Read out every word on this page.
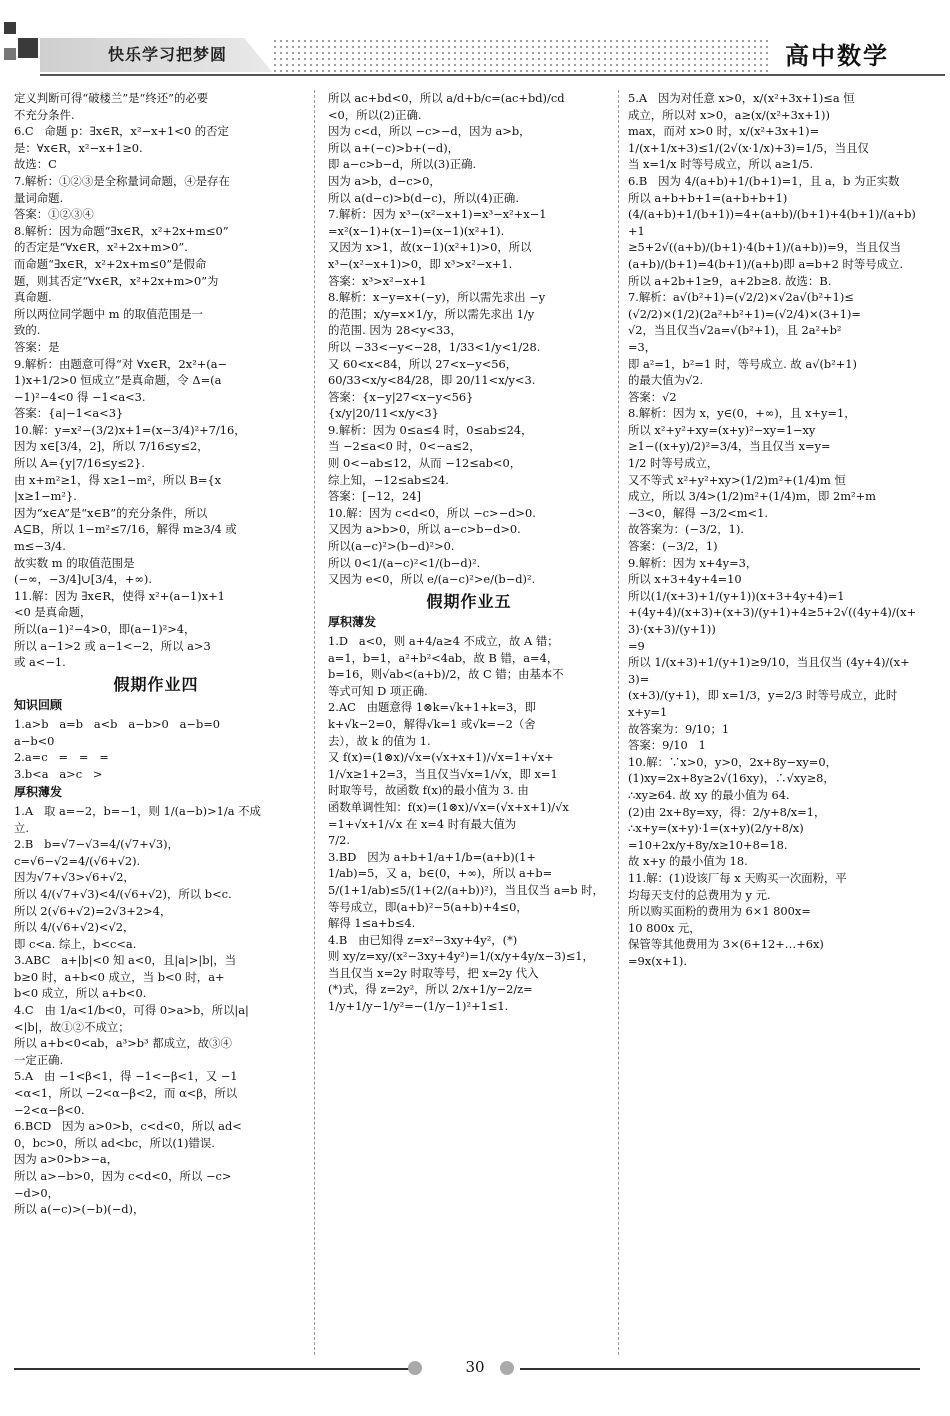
快乐学习把梦圆	高中数学
定义判断可得“破楼兰”是“终还”的必要
不充分条件.
6.C   命题 p：∃x∈R，x²−x+1<0 的否定
是：∀x∈R，x²−x+1≥0.
故选：C
7.解析：①②③是全称量词命题，④是存在
量词命题.
答案：①②③④
8.解析：因为命题“∃x∈R，x²+2x+m≤0”
的否定是“∀x∈R，x²+2x+m>0”.
而命题“∃x∈R，x²+2x+m≤0”是假命
题，则其否定“∀x∈R，x²+2x+m>0”为
真命题.
所以两位同学题中 m 的取值范围是一
致的.
答案：是
9.解析：由题意可得“对 ∀x∈R，2x²+(a−
1)x+1/2>0 恒成立”是真命题，令 Δ=(a
−1)²−4<0 得 −1<a<3.
答案：{a|−1<a<3}
10.解：y=x²−(3/2)x+1=(x−3/4)²+7/16，
因为 x∈[3/4，2]，所以 7/16≤y≤2，
所以 A={y|7/16≤y≤2}.
由 x+m²≥1，得 x≥1−m²，所以 B={x
|x≥1−m²}.
因为“x∈A”是“x∈B”的充分条件，所以
A⊆B，所以 1−m²≤7/16，解得 m≥3/4 或
m≤−3/4.
故实数 m 的取值范围是
(−∞，−3/4]∪[3/4，+∞).
11.解：因为 ∃x∈R，使得 x²+(a−1)x+1
<0 是真命题，
所以(a−1)²−4>0，即(a−1)²>4，
所以 a−1>2 或 a−1<−2，所以 a>3
或 a<−1.
假期作业四
知识回顾
1.a>b   a=b   a<b   a−b>0   a−b=0
a−b<0
2.a=c   =   =   =
3.b<a   a>c   >
厚积薄发
1.A   取 a=−2，b=−1，则 1/(a−b)>1/a 不成
立.
2.B   b=√7−√3=4/(√7+√3)，
c=√6−√2=4/(√6+√2).
因为√7+√3>√6+√2，
所以 4/(√7+√3)<4/(√6+√2)，所以 b<c.
所以 2(√6+√2)=2√3+2>4，
所以 4/(√6+√2)<√2，
即 c<a. 综上，b<c<a.
3.ABC   a+|b|<0 知 a<0，且|a|>|b|，当
b≥0 时，a+b<0 成立，当 b<0 时，a+
b<0 成立，所以 a+b<0.
4.C   由 1/a<1/b<0，可得 0>a>b，所以|a|
<|b|，故①②不成立；
所以 a+b<0<ab，a³>b³ 都成立，故③④
一定正确.
5.A   由 −1<β<1，得 −1<−β<1，又 −1
<α<1，所以 −2<α−β<2，而 α<β，所以
−2<α−β<0.
6.BCD   因为 a>0>b，c<d<0，所以 ad<
0，bc>0，所以 ad<bc，所以(1)错误.
因为 a>0>b>−a，
所以 a>−b>0，因为 c<d<0，所以 −c>
−d>0，
所以 a(−c)>(−b)(−d)，
所以 ac+bd<0，所以 a/d+b/c=(ac+bd)/cd
<0，所以(2)正确.
因为 c<d，所以 −c>−d，因为 a>b，
所以 a+(−c)>b+(−d)，
即 a−c>b−d，所以(3)正确.
因为 a>b，d−c>0，
所以 a(d−c)>b(d−c)，所以(4)正确.
7.解析：因为 x³−(x²−x+1)=x³−x²+x−1
=x²(x−1)+(x−1)=(x−1)(x²+1).
又因为 x>1，故(x−1)(x²+1)>0，所以
x³−(x²−x+1)>0，即 x³>x²−x+1.
答案：x³>x²−x+1
8.解析：x−y=x+(−y)，所以需先求出 −y
的范围；x/y=x×1/y，所以需先求出 1/y
的范围. 因为 28<y<33，
所以 −33<−y<−28，1/33<1/y<1/28.
又 60<x<84，所以 27<x−y<56，
60/33<x/y<84/28，即 20/11<x/y<3.
答案：{x−y|27<x−y<56}
{x/y|20/11<x/y<3}
9.解析：因为 0≤a≤4 时，0≤ab≤24，
当 −2≤a<0 时，0<−a≤2，
则 0<−ab≤12，从而 −12≤ab<0，
综上知，−12≤ab≤24.
答案：[−12，24]
10.解：因为 c<d<0，所以 −c>−d>0.
又因为 a>b>0，所以 a−c>b−d>0.
所以(a−c)²>(b−d)²>0.
所以 0<1/(a−c)²<1/(b−d)².
又因为 e<0，所以 e/(a−c)²>e/(b−d)².
假期作业五
厚积薄发
1.D   a<0，则 a+4/a≥4 不成立，故 A 错；
a=1，b=1，a²+b²<4ab，故 B 错，a=4，
b=16，则√ab<(a+b)/2，故 C 错；由基本不
等式可知 D 项正确.
2.AC   由题意得 1⊗k=√k+1+k=3，即
k+√k−2=0，解得√k=1 或√k=−2（舍
去），故 k 的值为 1.
又 f(x)=(1⊗x)/√x=(√x+x+1)/√x=1+√x+
1/√x≥1+2=3，当且仅当√x=1/√x，即 x=1
时取等号，故函数 f(x)的最小值为 3. 由
函数单调性知：f(x)=(1⊗x)/√x=(√x+x+1)/√x
=1+√x+1/√x 在 x=4 时有最大值为
7/2.
3.BD   因为 a+b+1/a+1/b=(a+b)(1+
1/ab)=5，又 a，b∈(0，+∞)，所以 a+b=
5/(1+1/ab)≤5/(1+(2/(a+b))²)，当且仅当 a=b 时，
等号成立，即(a+b)²−5(a+b)+4≤0，
解得 1≤a+b≤4.
4.B   由已知得 z=x²−3xy+4y²，(*)
则 xy/z=xy/(x²−3xy+4y²)=1/(x/y+4y/x−3)≤1，
当且仅当 x=2y 时取等号，把 x=2y 代入
(*)式，得 z=2y²，所以 2/x+1/y−2/z=
1/y+1/y−1/y²=−(1/y−1)²+1≤1.
5.A   因为对任意 x>0，x/(x²+3x+1)≤a 恒
成立，所以对 x>0，a≥(x/(x²+3x+1))
max，而对 x>0 时，x/(x²+3x+1)=
1/(x+1/x+3)≤1/(2√(x·1/x)+3)=1/5，当且仅
当 x=1/x 时等号成立，所以 a≥1/5.
6.B   因为 4/(a+b)+1/(b+1)=1，且 a，b 为正实数
所以 a+b+b+1=(a+b+b+1)
(4/(a+b)+1/(b+1))=4+(a+b)/(b+1)+4(b+1)/(a+b)+1
≥5+2√((a+b)/(b+1)·4(b+1)/(a+b))=9，当且仅当
(a+b)/(b+1)=4(b+1)/(a+b)即 a=b+2 时等号成立.
所以 a+2b+1≥9，a+2b≥8. 故选：B.
7.解析：a√(b²+1)=(√2/2)×√2a√(b²+1)≤
(√2/2)×(1/2)(2a²+b²+1)=(√2/4)×(3+1)=
√2，当且仅当√2a=√(b²+1)，且 2a²+b²
=3，
即 a²=1，b²=1 时，等号成立. 故 a√(b²+1)
的最大值为√2.
答案：√2
8.解析：因为 x，y∈(0，+∞)，且 x+y=1，
所以 x²+y²+xy=(x+y)²−xy=1−xy
≥1−((x+y)/2)²=3/4，当且仅当 x=y=
1/2 时等号成立，
又不等式 x²+y²+xy>(1/2)m²+(1/4)m 恒
成立，所以 3/4>(1/2)m²+(1/4)m，即 2m²+m
−3<0，解得 −3/2<m<1.
故答案为：(−3/2，1).
答案：(−3/2，1)
9.解析：因为 x+4y=3，
所以 x+3+4y+4=10
所以(1/(x+3)+1/(y+1))(x+3+4y+4)=1
+(4y+4)/(x+3)+(x+3)/(y+1)+4≥5+2√((4y+4)/(x+3)·(x+3)/(y+1))
=9
所以 1/(x+3)+1/(y+1)≥9/10，当且仅当 (4y+4)/(x+3)=
(x+3)/(y+1)，即 x=1/3，y=2/3 时等号成立，此时
x+y=1
故答案为：9/10；1
答案：9/10   1
10.解：∵x>0，y>0，2x+8y−xy=0，
(1)xy=2x+8y≥2√(16xy)，∴√xy≥8，
∴xy≥64. 故 xy 的最小值为 64.
(2)由 2x+8y=xy，得：2/y+8/x=1，
∴x+y=(x+y)·1=(x+y)(2/y+8/x)
=10+2x/y+8y/x≥10+8=18.
故 x+y 的最小值为 18.
11.解：(1)设该厂每 x 天购买一次面粉，平
均每天支付的总费用为 y 元.
所以购买面粉的费用为 6×1 800x=
10 800x 元，
保管等其他费用为 3×(6+12+…+6x)
=9x(x+1).
30
